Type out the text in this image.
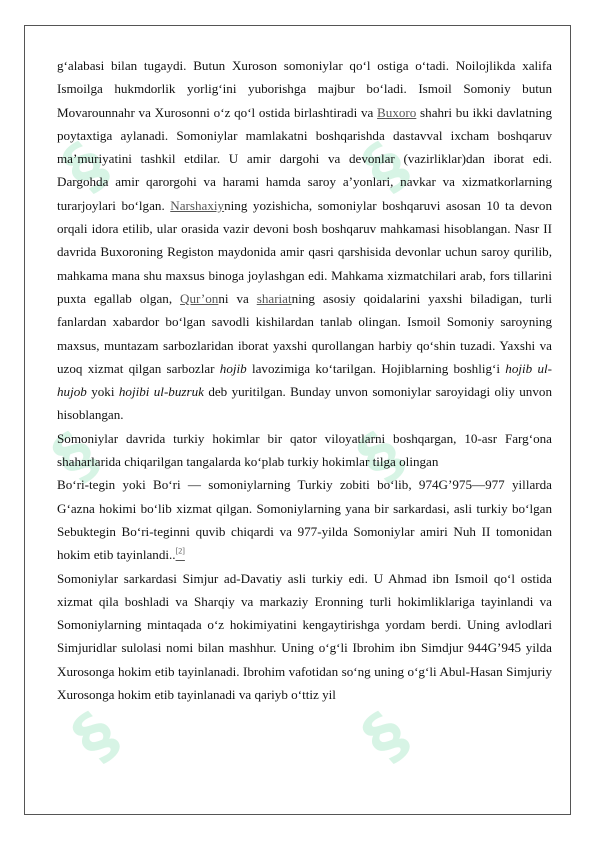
§	§
§	§
§	§

g‘alabasi bilan tugaydi. Butun Xuroson somoniylar qo‘l ostiga o‘tadi. Noilojlikda xalifa Ismoilga hukmdorlik yorlig‘ini yuborishga majbur bo‘ladi. Ismoil Somoniy butun Movarounnahr va Xurosonni o‘z qo‘l ostida birlashtiradi va Buxoro shahri bu ikki davlatning poytaxtiga aylanadi. Somoniylar mamlakatni boshqarishda dastavval ixcham boshqaruv ma’muriyatini tashkil etdilar. U amir dargohi va devonlar (vazirliklar)dan iborat edi. Dargohda amir qarorgohi va harami hamda saroy a’yonlari, navkar va xizmatkorlarning turarjoylari bo‘lgan. Narshaxiyning yozishicha, somoniylar boshqaruvi asosan 10 ta devon orqali idora etilib, ular orasida vazir devoni bosh boshqaruv mahkamasi hisoblangan. Nasr II davrida Buxoroning Registon maydonida amir qasri qarshisida devonlar uchun saroy qurilib, mahkama mana shu maxsus binoga joylashgan edi. Mahkama xizmatchilari arab, fors tillarini puxta egallab olgan, Qur’onni va shariatning asosiy qoidalarini yaxshi biladigan, turli fanlardan xabardor bo‘lgan savodli kishilardan tanlab olingan. Ismoil Somoniy saroyning maxsus, muntazam sarbozlaridan iborat yaxshi qurollangan harbiy qo‘shin tuzadi. Yaxshi va uzoq xizmat qilgan sarbozlar hojib lavozimiga ko‘tarilgan. Hojiblarning boshlig‘i hojib ul-hujob yoki hojibi ul-buzruk deb yuritilgan. Bunday unvon somoniylar saroyidagi oliy unvon hisoblangan.

Somoniylar davrida turkiy hokimlar bir qator viloyatlarni boshqargan, 10-asr Farg‘ona shaharlarida chiqarilgan tangalarda ko‘plab turkiy hokimlar tilga olingan

Bo‘ri-tegin yoki Bo‘ri — somoniylarning Turkiy zobiti bo‘lib, 974G’975—977 yillarda G‘azna hokimi bo‘lib xizmat qilgan. Somoniylarning yana bir sarkardasi, asli turkiy bo‘lgan Sebuktegin Bo‘ri-teginni quvib chiqardi va 977-yilda Somoniylar amiri Nuh II tomonidan hokim etib tayinlandi..[2]

Somoniylar sarkardasi Simjur ad-Davatiy asli turkiy edi. U Ahmad ibn Ismoil qo‘l ostida xizmat qila boshladi va Sharqiy va markaziy Eronning turli hokimliklariga tayinlandi va Somoniylarning mintaqada o‘z hokimiyatini kengaytirishga yordam berdi. Uning avlodlari Simjuridlar sulolasi nomi bilan mashhur. Uning o‘g‘li Ibrohim ibn Simdjur 944G’945 yilda Xurosonga hokim etib tayinlanadi. Ibrohim vafotidan so‘ng uning o‘g‘li Abul-Hasan Simjuriy Xurosonga hokim etib tayinlanadi va qariyb o‘ttiz yil
